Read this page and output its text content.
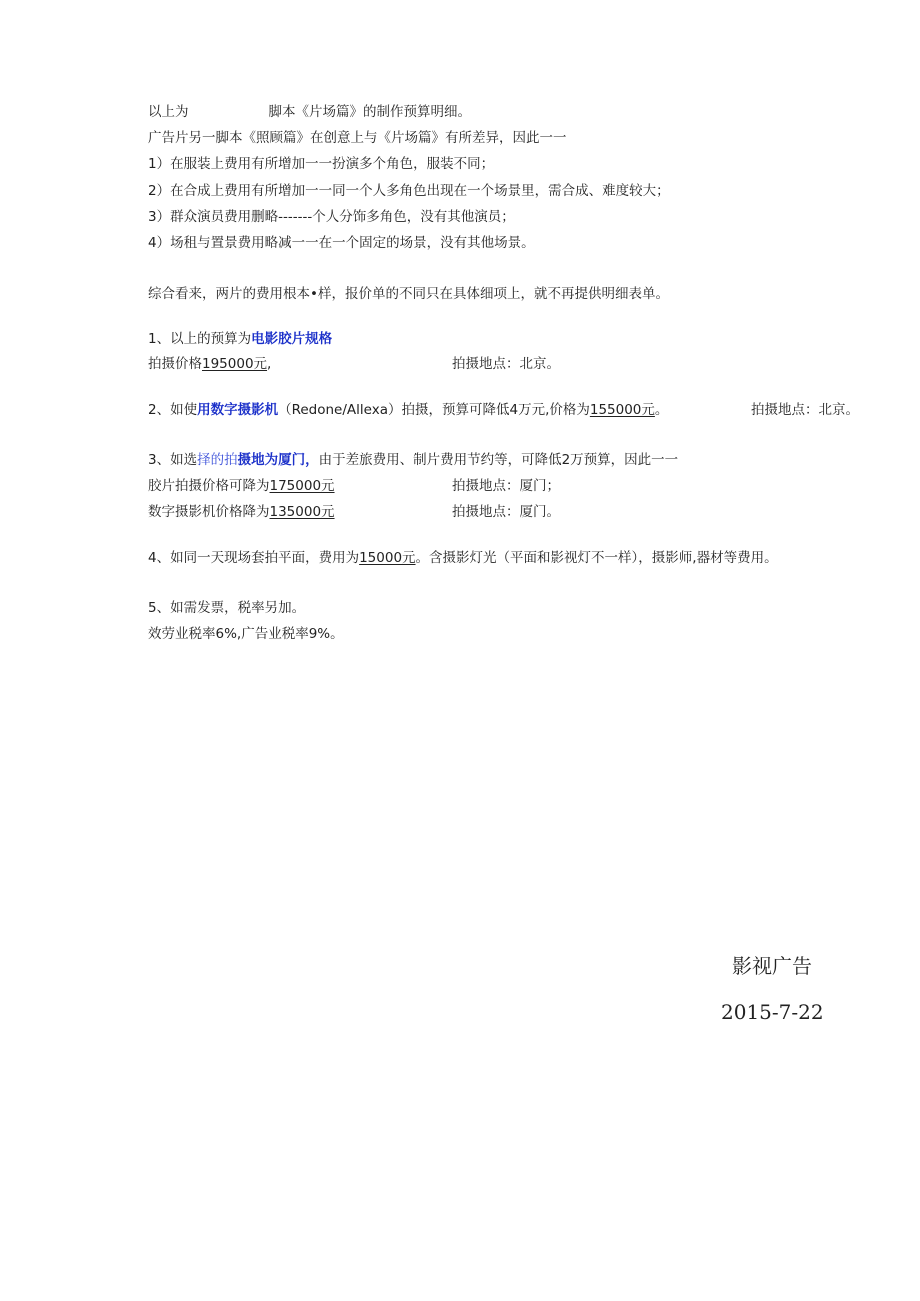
以上为	脚本《片场篇》的制作预算明细。
广告片另一脚本《照顾篇》在创意上与《片场篇》有所差异，因此一一
1）在服装上费用有所增加一一扮演多个角色，服装不同；
2）在合成上费用有所增加一一同一个人多角色出现在一个场景里，需合成、难度较大；
3）群众演员费用删略-------个人分饰多角色，没有其他演员；
4）场租与置景费用略减一一在一个固定的场景，没有其他场景。
综合看来，两片的费用根本•样，报价单的不同只在具体细项上，就不再提供明细表单。
1、以上的预算为电影胶片规格
拍摄价格195000元,	拍摄地点：北京。
2、如使用数字摄影机（Redone/Allexa）拍摄，预算可降低4万元,价格为155000元。	拍摄地点：北京。
3、如选择的拍摄地为厦门，由于差旅费用、制片费用节约等，可降低2万预算，因此一一
胶片拍摄价格可降为175000元	拍摄地点：厦门；
数字摄影机价格降为135000元	拍摄地点：厦门。
4、如同一天现场套拍平面，费用为15000元。含摄影灯光（平面和影视灯不一样），摄影师,器材等费用。
5、如需发票，税率另加。
效劳业税率6%,广告业税率9%。
影视广告
2015-7-22
